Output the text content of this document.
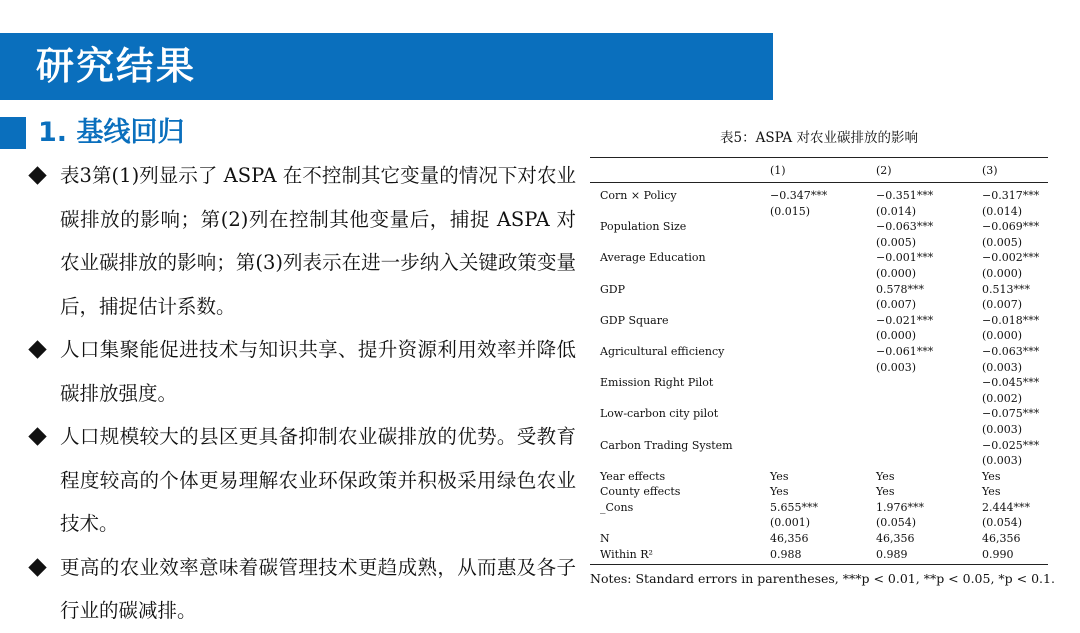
研究结果
1. 基线回归
表3第(1)列显示了 ASPA 在不控制其它变量的情况下对农业碳排放的影响；第(2)列在控制其他变量后，捕捉 ASPA 对农业碳排放的影响；第(3)列表示在进一步纳入关键政策变量后，捕捉估计系数。
人口集聚能促进技术与知识共享、提升资源利用效率并降低碳排放强度。
人口规模较大的县区更具备抑制农业碳排放的优势。受教育程度较高的个体更易理解农业环保政策并积极采用绿色农业技术。
更高的农业效率意味着碳管理技术更趋成熟，从而惠及各子行业的碳减排。
表5：ASPA 对农业碳排放的影响
	(1)	(2)	(3)
Corn × Policy	−0.347***	−0.351***	−0.317***
	(0.015)	(0.014)	(0.014)
Population Size		−0.063***	−0.069***
		(0.005)	(0.005)
Average Education		−0.001***	−0.002***
		(0.000)	(0.000)
GDP		0.578***	0.513***
		(0.007)	(0.007)
GDP Square		−0.021***	−0.018***
		(0.000)	(0.000)
Agricultural efficiency		−0.061***	−0.063***
		(0.003)	(0.003)
Emission Right Pilot			−0.045***
			(0.002)
Low-carbon city pilot			−0.075***
			(0.003)
Carbon Trading System			−0.025***
			(0.003)
Year effects	Yes	Yes	Yes
County effects	Yes	Yes	Yes
_Cons	5.655***	1.976***	2.444***
	(0.001)	(0.054)	(0.054)
N	46,356	46,356	46,356
Within R²	0.988	0.989	0.990
Notes: Standard errors in parentheses, ***p < 0.01, **p < 0.05, *p < 0.1.
